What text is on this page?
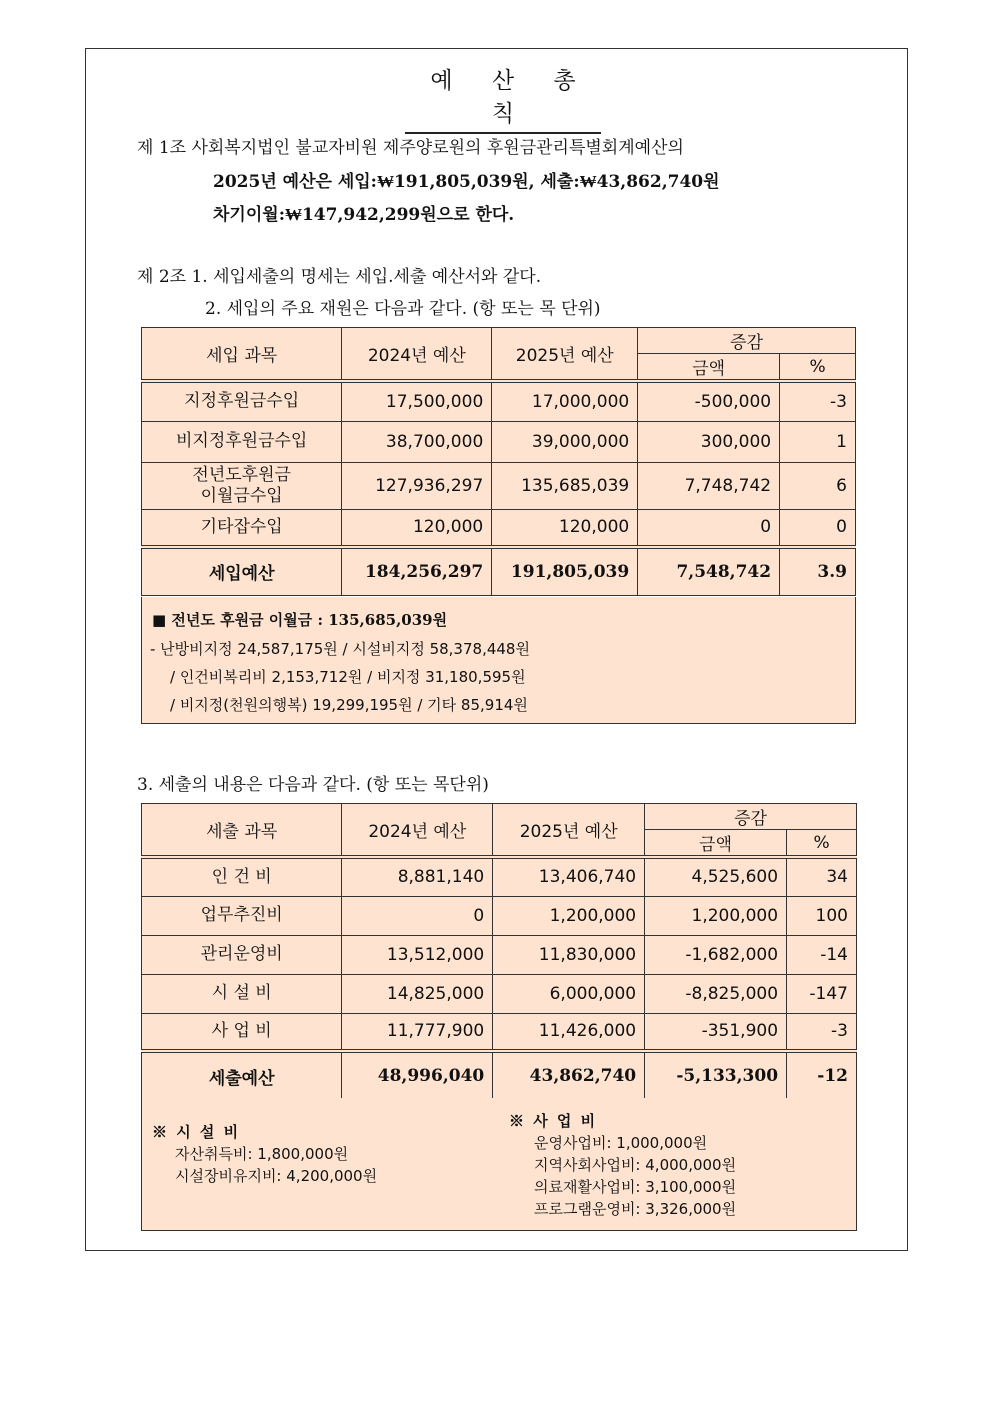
예 산 총 칙
제 1조 사회복지법인 불교자비원 제주양로원의 후원금관리특별회계예산의
2025년 예산은 세입:₩191,805,039원, 세출:₩43,862,740원
차기이월:₩147,942,299원으로 한다.
제 2조 1. 세입세출의 명세는 세입.세출 예산서와 같다.
2. 세입의 주요 재원은 다음과 같다. (항 또는 목 단위)
세입 과목	2024년 예산	2025년 예산	증감	
			금액	%
지정후원금수입	17,500,000	17,000,000	-500,000	-3
비지정후원금수입	38,700,000	39,000,000	300,000	1
전년도후원금
이월금수입	127,936,297	135,685,039	7,748,742	6
기타잡수입	120,000	120,000	0	0
세입예산	184,256,297	191,805,039	7,548,742	3.9
■ 전년도 후원금 이월금 : 135,685,039원
- 난방비지정 24,587,175원 / 시설비지정 58,378,448원
/ 인건비복리비 2,153,712원 / 비지정 31,180,595원
/ 비지정(천원의행복) 19,299,195원 / 기타 85,914원
3. 세출의 내용은 다음과 같다. (항 또는 목단위)
세출 과목	2024년 예산	2025년 예산	증감	
			금액	%
인 건 비	8,881,140	13,406,740	4,525,600	34
업무추진비	0	1,200,000	1,200,000	100
관리운영비	13,512,000	11,830,000	-1,682,000	-14
시 설 비	14,825,000	6,000,000	-8,825,000	-147
사 업 비	11,777,900	11,426,000	-351,900	-3
세출예산	48,996,040	43,862,740	-5,133,300	-12
※ 시 설 비
자산취득비: 1,800,000원
시설장비유지비: 4,200,000원
※ 사 업 비
운영사업비: 1,000,000원
지역사회사업비: 4,000,000원
의료재활사업비: 3,100,000원
프로그램운영비: 3,326,000원
